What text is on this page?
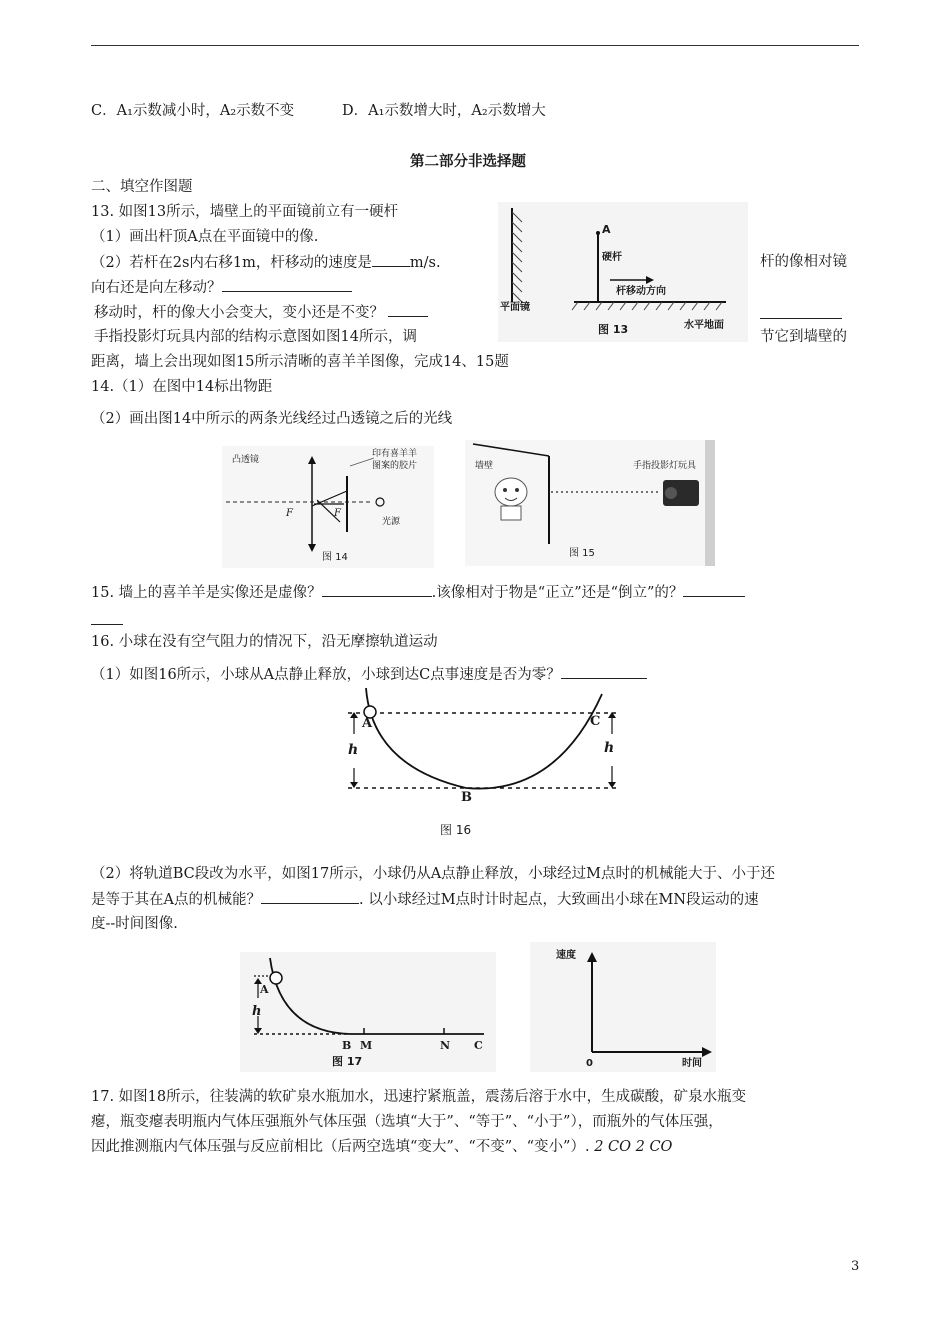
C．A₁示数减小时，A₂示数不变	D．A₁示数增大时，A₂示数增大
第二部分非选择题
二、填空作图题
13. 如图13所示，墙壁上的平面镜前立有一硬杆
（1）画出杆顶A点在平面镜中的像.
（2）若杆在2s内右移1m，杆移动的速度是	m/s.	杆的像相对镜
向右还是向左移动？
移动时，杆的像大小会变大，变小还是不变？
手指投影灯玩具内部的结构示意图如图14所示，调	节它到墙壁的
距离，墙上会出现如图15所示清晰的喜羊羊图像，完成14、15题
平面镜
A
硬杆
杆移动方向
水平地面
图 13
14.（1）在图中14标出物距
（2）画出图14中所示的两条光线经过凸透镜之后的光线
凸透镜
印有喜羊羊
图案的胶片
F	F
光源
图 14
墙壁	手指投影灯玩具
图 15
15. 墙上的喜羊羊是实像还是虚像？	.该像相对于物是“正立”还是“倒立”的？
16. 小球在没有空气阻力的情况下，沿无摩擦轨道运动
（1）如图16所示，小球从A点静止释放，小球到达C点事速度是否为零？
A	C
h	h
B
图 16
（2）将轨道BC段改为水平，如图17所示，小球仍从A点静止释放，小球经过M点时的机械能大于、小于还
是等于其在A点的机械能？	. 以小球经过M点时计时起点，大致画出小球在MN段运动的速
度--时间图像.
A
h
B M	N C
图 17
速度
时间
0
17. 如图18所示，往装满的软矿泉水瓶加水，迅速拧紧瓶盖，震荡后溶于水中，生成碳酸，矿泉水瓶变
瘪，瓶变瘪表明瓶内气体压强瓶外气体压强（选填“大于”、“等于”、“小于”），而瓶外的气体压强，
因此推测瓶内气体压强与反应前相比（后两空选填“变大”、“不变”、“变小”）. 2 CO 2 CO
3
